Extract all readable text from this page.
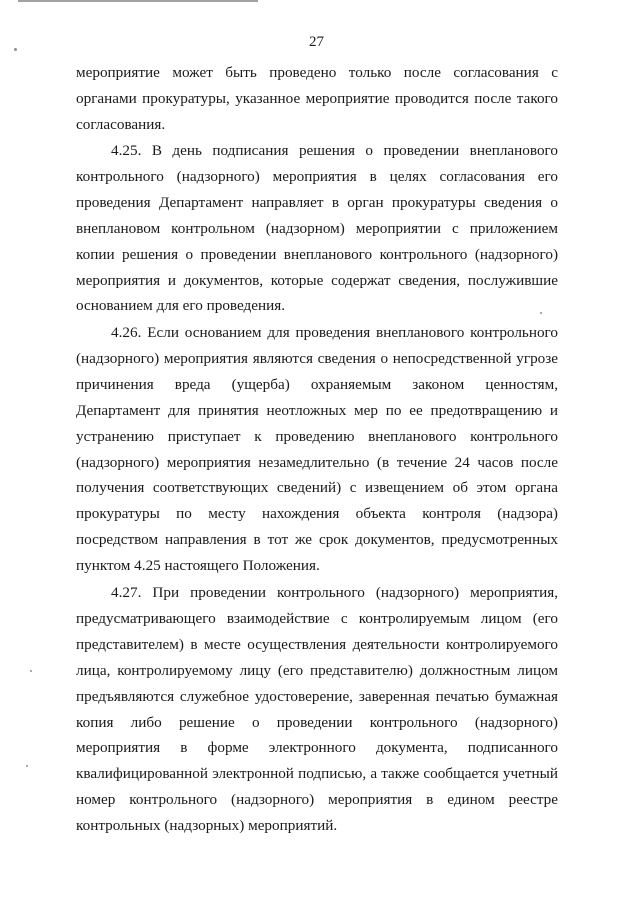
27

мероприятие может быть проведено только после согласования с органами прокуратуры, указанное мероприятие проводится после такого согласования.

4.25. В день подписания решения о проведении внепланового контрольного (надзорного) мероприятия в целях согласования его проведения Департамент направляет в орган прокуратуры сведения о внеплановом контрольном (надзорном) мероприятии с приложением копии решения о проведении внепланового контрольного (надзорного) мероприятия и документов, которые содержат сведения, послужившие основанием для его проведения.

4.26. Если основанием для проведения внепланового контрольного (надзорного) мероприятия являются сведения о непосредственной угрозе причинения вреда (ущерба) охраняемым законом ценностям, Департамент для принятия неотложных мер по ее предотвращению и устранению приступает к проведению внепланового контрольного (надзорного) мероприятия незамедлительно (в течение 24 часов после получения соответствующих сведений) с извещением об этом органа прокуратуры по месту нахождения объекта контроля (надзора) посредством направления в тот же срок документов, предусмотренных пунктом 4.25 настоящего Положения.

4.27. При проведении контрольного (надзорного) мероприятия, предусматривающего взаимодействие с контролируемым лицом (его представителем) в месте осуществления деятельности контролируемого лица, контролируемому лицу (его представителю) должностным лицом предъявляются служебное удостоверение, заверенная печатью бумажная копия либо решение о проведении контрольного (надзорного) мероприятия в форме электронного документа, подписанного квалифицированной электронной подписью, а также сообщается учетный номер контрольного (надзорного) мероприятия в едином реестре контрольных (надзорных) мероприятий.
